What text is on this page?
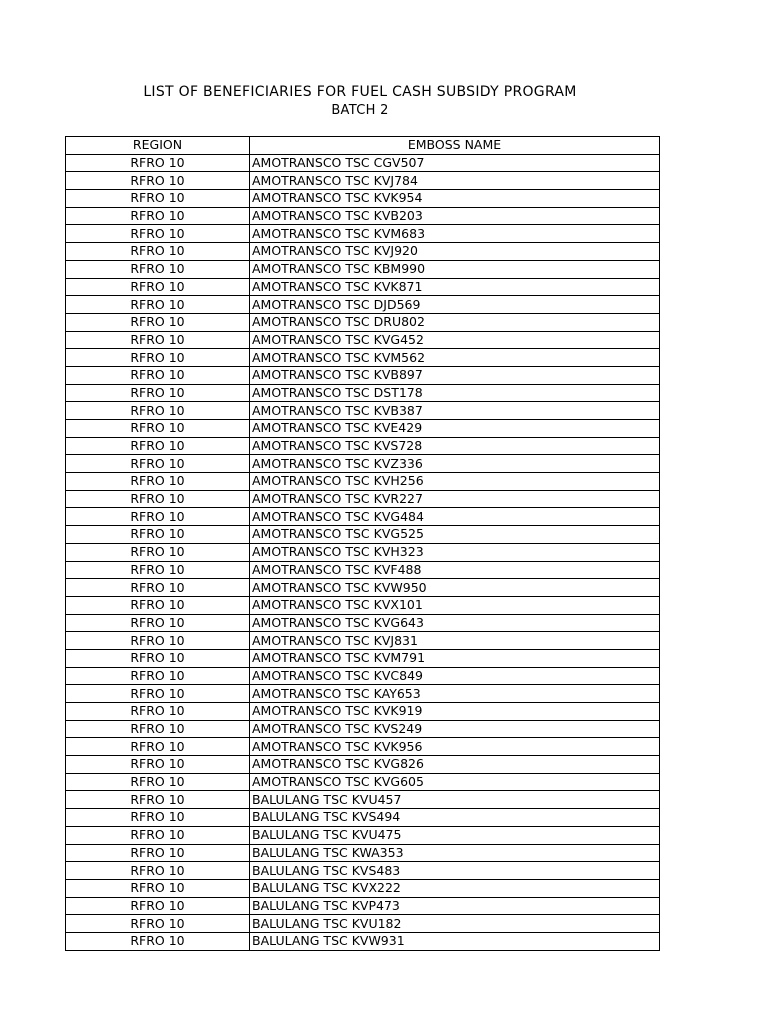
LIST OF BENEFICIARIES FOR FUEL CASH SUBSIDY PROGRAM
BATCH 2
REGION	EMBOSS NAME
RFRO 10	AMOTRANSCO TSC CGV507
RFRO 10	AMOTRANSCO TSC KVJ784
RFRO 10	AMOTRANSCO TSC KVK954
RFRO 10	AMOTRANSCO TSC KVB203
RFRO 10	AMOTRANSCO TSC KVM683
RFRO 10	AMOTRANSCO TSC KVJ920
RFRO 10	AMOTRANSCO TSC KBM990
RFRO 10	AMOTRANSCO TSC KVK871
RFRO 10	AMOTRANSCO TSC DJD569
RFRO 10	AMOTRANSCO TSC DRU802
RFRO 10	AMOTRANSCO TSC KVG452
RFRO 10	AMOTRANSCO TSC KVM562
RFRO 10	AMOTRANSCO TSC KVB897
RFRO 10	AMOTRANSCO TSC DST178
RFRO 10	AMOTRANSCO TSC KVB387
RFRO 10	AMOTRANSCO TSC KVE429
RFRO 10	AMOTRANSCO TSC KVS728
RFRO 10	AMOTRANSCO TSC KVZ336
RFRO 10	AMOTRANSCO TSC KVH256
RFRO 10	AMOTRANSCO TSC KVR227
RFRO 10	AMOTRANSCO TSC KVG484
RFRO 10	AMOTRANSCO TSC KVG525
RFRO 10	AMOTRANSCO TSC KVH323
RFRO 10	AMOTRANSCO TSC KVF488
RFRO 10	AMOTRANSCO TSC KVW950
RFRO 10	AMOTRANSCO TSC KVX101
RFRO 10	AMOTRANSCO TSC KVG643
RFRO 10	AMOTRANSCO TSC KVJ831
RFRO 10	AMOTRANSCO TSC KVM791
RFRO 10	AMOTRANSCO TSC KVC849
RFRO 10	AMOTRANSCO TSC KAY653
RFRO 10	AMOTRANSCO TSC KVK919
RFRO 10	AMOTRANSCO TSC KVS249
RFRO 10	AMOTRANSCO TSC KVK956
RFRO 10	AMOTRANSCO TSC KVG826
RFRO 10	AMOTRANSCO TSC KVG605
RFRO 10	BALULANG TSC KVU457
RFRO 10	BALULANG TSC KVS494
RFRO 10	BALULANG TSC KVU475
RFRO 10	BALULANG TSC KWA353
RFRO 10	BALULANG TSC KVS483
RFRO 10	BALULANG TSC KVX222
RFRO 10	BALULANG TSC KVP473
RFRO 10	BALULANG TSC KVU182
RFRO 10	BALULANG TSC KVW931
